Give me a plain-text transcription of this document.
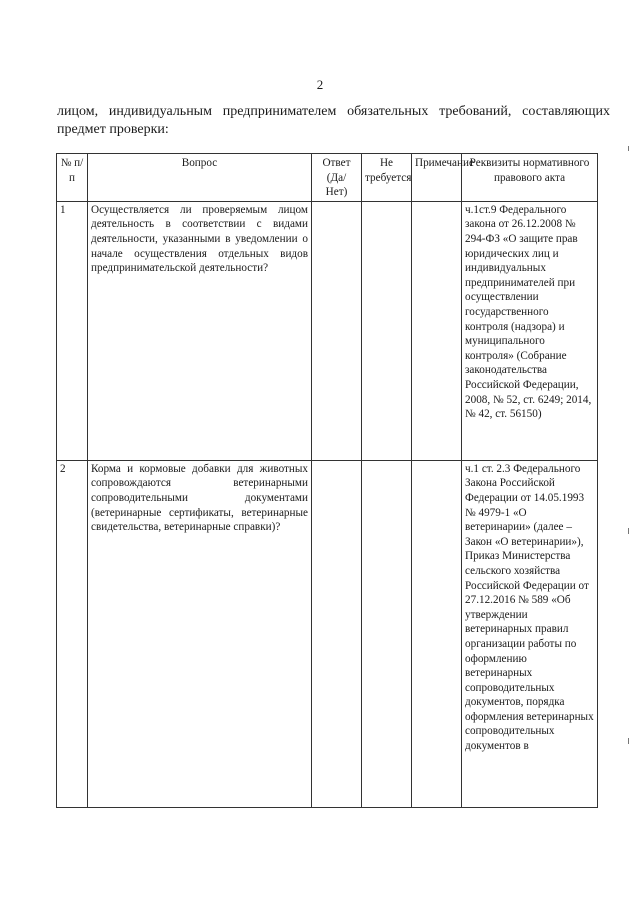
2
лицом, индивидуальным предпринимателем обязательных требований, составляющих
предмет проверки:
№ п/п	Вопрос	Ответ (Да/ Нет)	Не требуется	Примечание	Реквизиты нормативного правового акта
1	Осуществляется ли проверяемым лицом деятельность в соответствии с видами деятельности, указанными в уведомлении о начале осуществления отдельных видов предпринимательской деятельности?				ч.1ст.9 Федерального закона от 26.12.2008 № 294-ФЗ «О защите прав юридических лиц и индивидуальных предпринимателей при осуществлении государственного контроля (надзора) и муниципального контроля» (Собрание законодательства Российской Федерации, 2008, № 52, ст. 6249; 2014, № 42, ст. 56150)
2	Корма и кормовые добавки для животных сопровождаются ветеринарными сопроводительными документами (ветеринарные сертификаты, ветеринарные свидетельства, ветеринарные справки)?				ч.1 ст. 2.3 Федерального Закона Российской Федерации от 14.05.1993 № 4979-1 «О ветеринарии» (далее – Закон «О ветеринарии»), Приказ Министерства сельского хозяйства Российской Федерации от 27.12.2016 № 589 «Об утверждении ветеринарных правил организации работы по оформлению ветеринарных сопроводительных документов, порядка оформления ветеринарных сопроводительных документов в
